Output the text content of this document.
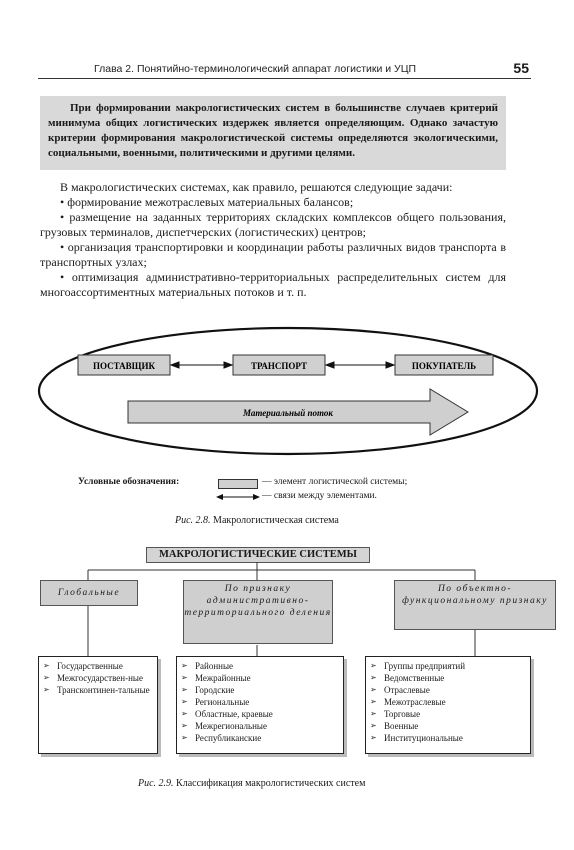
Глава 2. Понятийно-терминологический аппарат логистики и УЦП	55

При формировании макрологистических систем в большинстве случаев критерий минимума общих логистических издержек является определяющим. Однако зачастую критерии формирования макрологистической системы определяются экологическими, социальными, военными, политическими и другими целями.

В макрологистических системах, как правило, решаются следующие задачи:

• формирование межотраслевых материальных балансов;
• размещение на заданных территориях складских комплексов общего пользования, грузовых терминалов, диспетчерских (логистических) центров;
• организация транспортировки и координации работы различных видов транспорта в транспортных узлах;
• оптимизация административно-территориальных распределительных систем для многоассортиментных материальных потоков и т. п.
ПОСТАВЩИК	ТРАНСПОРТ	ПОКУПАТЕЛЬ
Материальный поток
Условные обозначения:	— элемент логистической системы;
— связи между элементами.
Рис. 2.8. Макрологистическая система
МАКРОЛОГИСТИЧЕСКИЕ СИСТЕМЫ
Глобальные	По признаку административно-территориального деления
По объектно-функциональному признаку
➢ Государственные
➢ Межгосударствен-ные
➢ Трансконтинен-тальные
➢ Районные
➢ Межрайонные
➢ Городские
➢ Региональные
➢ Областные, краевые
➢ Межрегиональные
➢ Республиканские
➢ Группы предприятий
➢ Ведомственные
➢ Отраслевые
➢ Межотраслевые
➢ Торговые
➢ Военные
➢ Институциональные
Рис. 2.9. Классификация макрологистических систем
